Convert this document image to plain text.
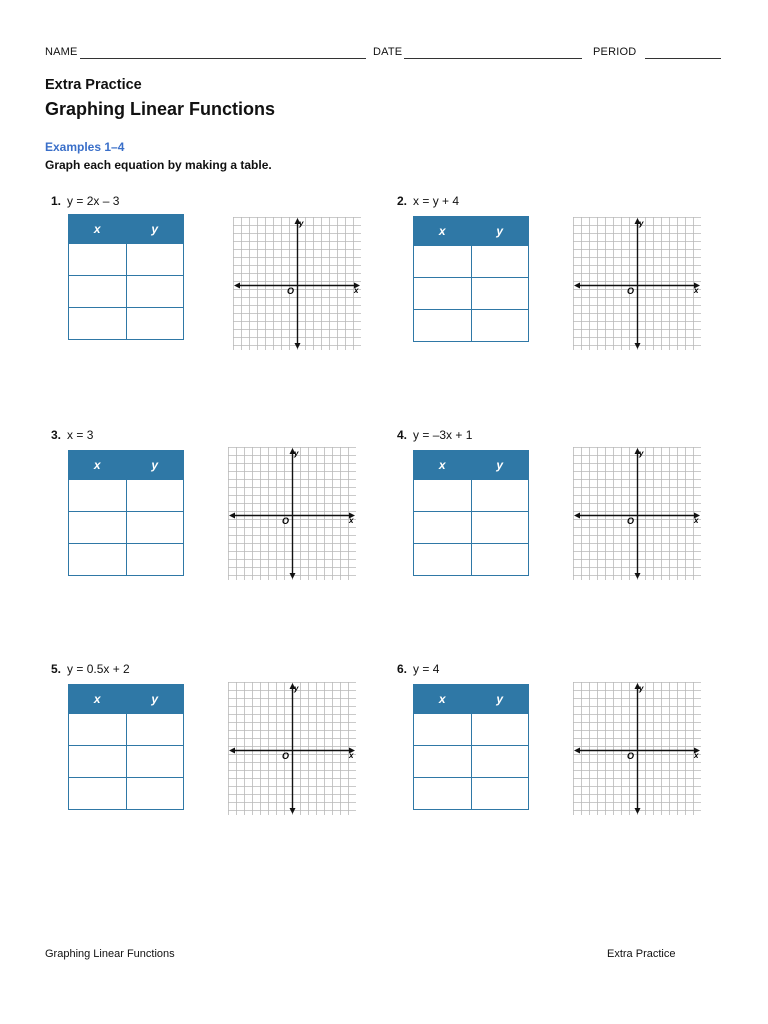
NAME	DATE	PERIOD
Extra Practice
Graphing Linear Functions
Examples 1–4
Graph each equation by making a table.
1. y = 2x – 3	2. x = y + 4
3. x = 3	4. y = –3x + 1
5. y = 0.5x + 2	6. y = 4
x	y

		x	y

x	y

		x	y

x	y

		x	y

y
x
O
y
x
O
y
x
O
y
x
O
y
x
O
y
x
O
Graphing Linear Functions	Extra Practice
